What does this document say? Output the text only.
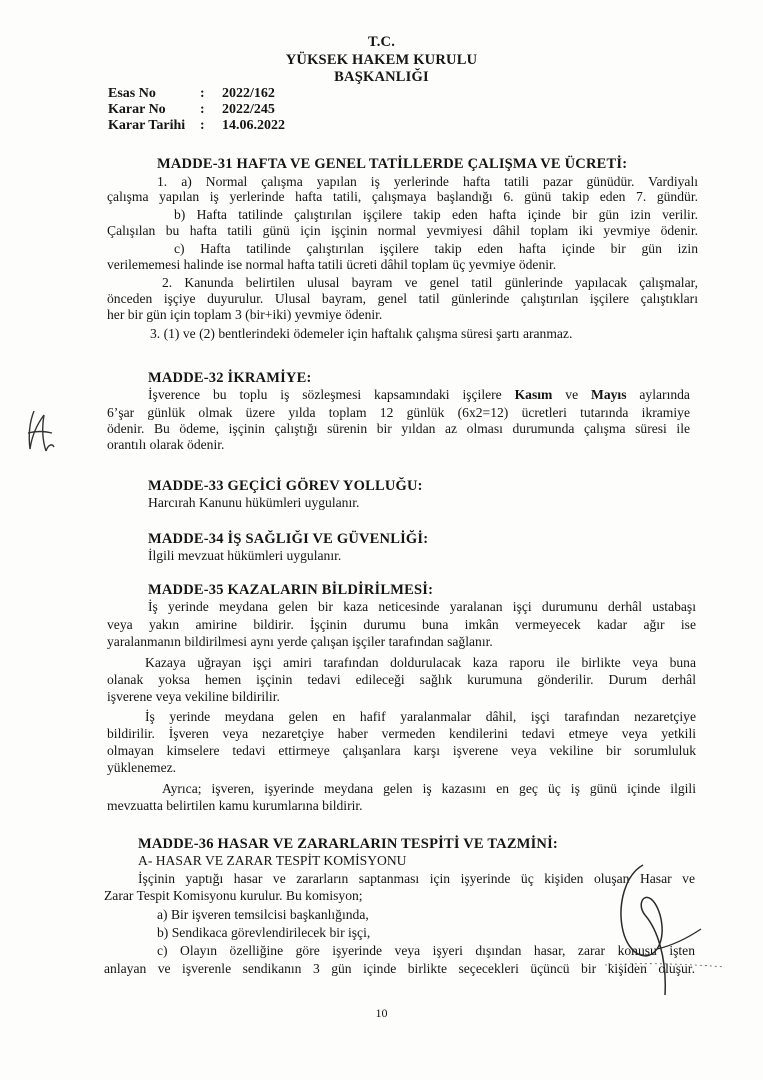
T.C.
YÜKSEK HAKEM KURULU
BAŞKANLIĞI
Esas No	: 2022/162
Karar No : 2022/245
Karar Tarihi : 14.06.2022
MADDE-31 HAFTA VE GENEL TATİLLERDE ÇALIŞMA VE ÜCRETİ:
1. a) Normal çalışma yapılan iş yerlerinde hafta tatili pazar günüdür. Vardiyalı
çalışma yapılan iş yerlerinde hafta tatili, çalışmaya başlandığı 6. günü takip eden 7. gündür.
b) Hafta tatilinde çalıştırılan işçilere takip eden hafta içinde bir gün izin verilir.
Çalışılan bu hafta tatili günü için işçinin normal yevmiyesi dâhil toplam iki yevmiye ödenir.
c) Hafta tatilinde çalıştırılan işçilere takip eden hafta içinde bir gün izin
verilememesi halinde ise normal hafta tatili ücreti dâhil toplam üç yevmiye ödenir.
2. Kanunda belirtilen ulusal bayram ve genel tatil günlerinde yapılacak çalışmalar,
önceden işçiye duyurulur. Ulusal bayram, genel tatil günlerinde çalıştırılan işçilere çalıştıkları
her bir gün için toplam 3 (bir+iki) yevmiye ödenir.
3. (1) ve (2) bentlerindeki ödemeler için haftalık çalışma süresi şartı aranmaz.
MADDE-32 İKRAMİYE:
İşverence bu toplu iş sözleşmesi kapsamındaki işçilere Kasım ve Mayıs aylarında
6’şar günlük olmak üzere yılda toplam 12 günlük (6x2=12) ücretleri tutarında ikramiye
ödenir. Bu ödeme, işçinin çalıştığı sürenin bir yıldan az olması durumunda çalışma süresi ile
orantılı olarak ödenir.
MADDE-33 GEÇİCİ GÖREV YOLLUĞU:
Harcırah Kanunu hükümleri uygulanır.
MADDE-34 İŞ SAĞLIĞI VE GÜVENLİĞİ:
İlgili mevzuat hükümleri uygulanır.
MADDE-35 KAZALARIN BİLDİRİLMESİ:
İş yerinde meydana gelen bir kaza neticesinde yaralanan işçi durumunu derhâl ustabaşı
veya yakın amirine bildirir. İşçinin durumu buna imkân vermeyecek kadar ağır ise
yaralanmanın bildirilmesi aynı yerde çalışan işçiler tarafından sağlanır.
Kazaya uğrayan işçi amiri tarafından doldurulacak kaza raporu ile birlikte veya buna
olanak yoksa hemen işçinin tedavi edileceği sağlık kurumuna gönderilir. Durum derhâl
işverene veya vekiline bildirilir.
İş yerinde meydana gelen en hafif yaralanmalar dâhil, işçi tarafından nezaretçiye
bildirilir. İşveren veya nezaretçiye haber vermeden kendilerini tedavi etmeye veya yetkili
olmayan kimselere tedavi ettirmeye çalışanlara karşı işverene veya vekiline bir sorumluluk
yüklenemez.
Ayrıca; işveren, işyerinde meydana gelen iş kazasını en geç üç iş günü içinde ilgili
mevzuatta belirtilen kamu kurumlarına bildirir.
MADDE-36 HASAR VE ZARARLARIN TESPİTİ VE TAZMİNİ:
A- HASAR VE ZARAR TESPİT KOMİSYONU
İşçinin yaptığı hasar ve zararların saptanması için işyerinde üç kişiden oluşan Hasar ve
Zarar Tespit Komisyonu kurulur. Bu komisyon;
a) Bir işveren temsilcisi başkanlığında,
b) Sendikaca görevlendirilecek bir işçi,
c) Olayın özelliğine göre işyerinde veya işyeri dışından hasar, zarar konusu işten
anlayan ve işverenle sendikanın 3 gün içinde birlikte seçecekleri üçüncü bir kişiden oluşur.
10
